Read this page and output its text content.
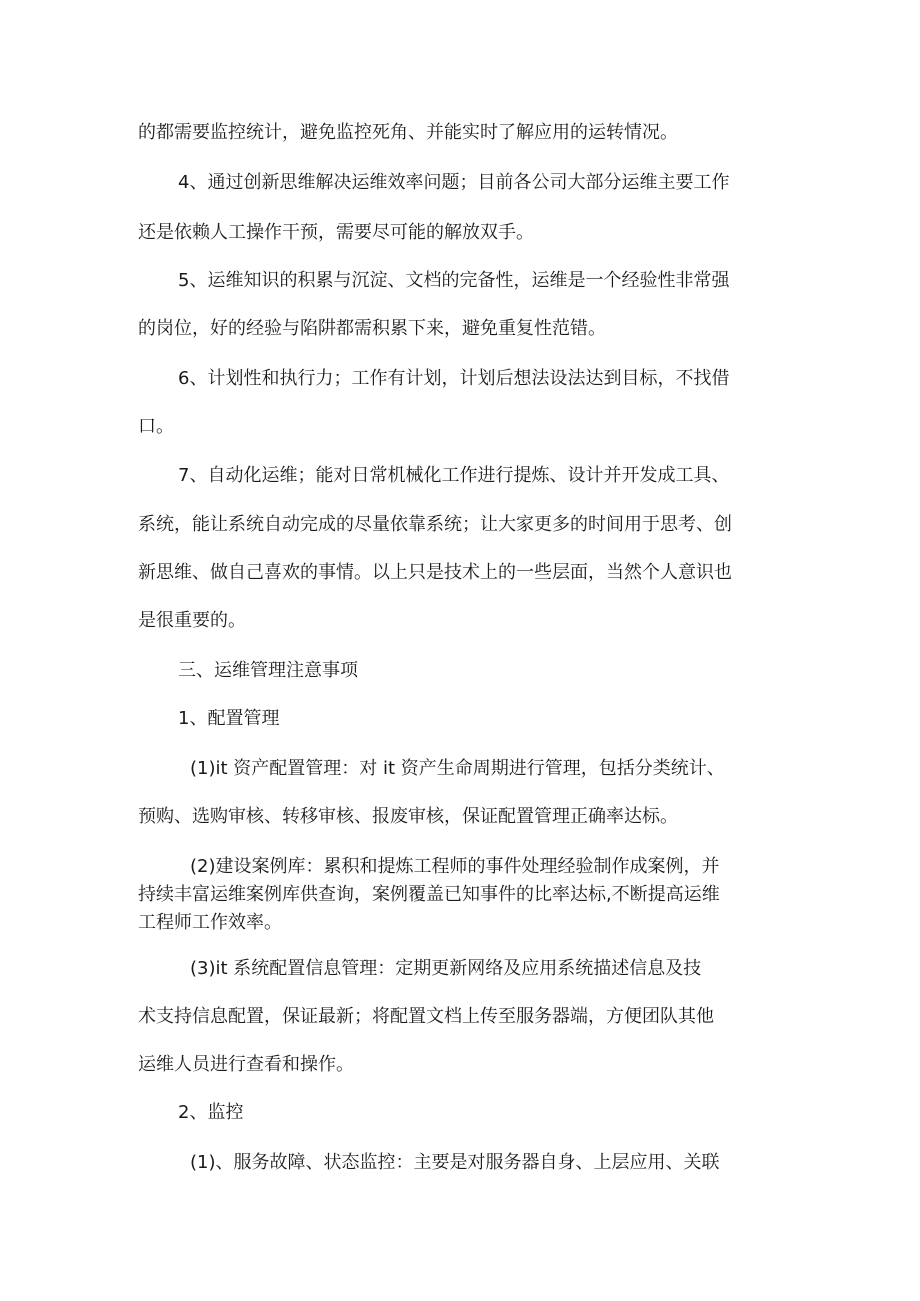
的都需要监控统计，避免监控死角、并能实时了解应用的运转情况。
4、通过创新思维解决运维效率问题；目前各公司大部分运维主要工作
还是依赖人工操作干预，需要尽可能的解放双手。
5、运维知识的积累与沉淀、文档的完备性，运维是一个经验性非常强
的岗位，好的经验与陷阱都需积累下来，避免重复性范错。
6、计划性和执行力；工作有计划，计划后想法设法达到目标，不找借
口。
7、自动化运维；能对日常机械化工作进行提炼、设计并开发成工具、
系统，能让系统自动完成的尽量依靠系统；让大家更多的时间用于思考、创
新思维、做自己喜欢的事情。以上只是技术上的一些层面，当然个人意识也
是很重要的。
三、运维管理注意事项
1、配置管理
(1)it 资产配置管理：对 it 资产生命周期进行管理，包括分类统计、
预购、选购审核、转移审核、报废审核，保证配置管理正确率达标。
(2)建设案例库：累积和提炼工程师的事件处理经验制作成案例，并
持续丰富运维案例库供查询，案例覆盖已知事件的比率达标,不断提高运维
工程师工作效率。
(3)it 系统配置信息管理：定期更新网络及应用系统描述信息及技
术支持信息配置，保证最新；将配置文档上传至服务器端，方便团队其他
运维人员进行查看和操作。
2、监控
(1)、服务故障、状态监控：主要是对服务器自身、上层应用、关联
